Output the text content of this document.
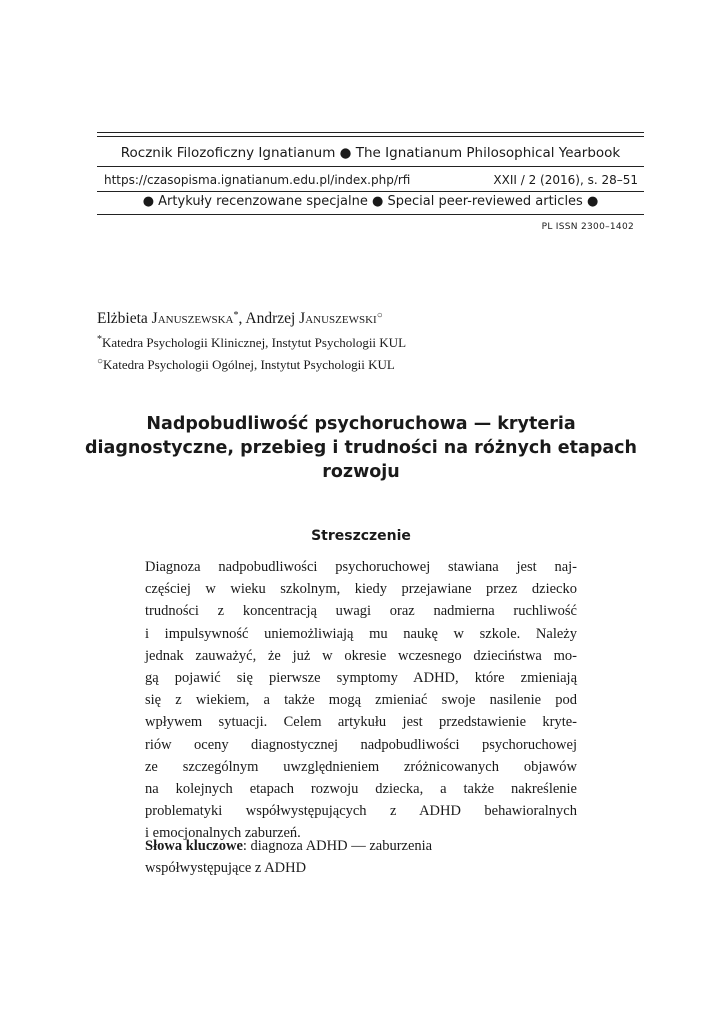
Rocznik Filozoficzny Ignatianum ● The Ignatianum Philosophical Yearbook
https://czasopisma.ignatianum.edu.pl/index.php/rfi	XXII / 2 (2016), s. 28–51
● Artykuły recenzowane specjalne ● Special peer-reviewed articles ●
PL ISSN 2300–1402
Elżbieta Januszewska*, Andrzej Januszewski○
*Katedra Psychologii Klinicznej, Instytut Psychologii KUL
○Katedra Psychologii Ogólnej, Instytut Psychologii KUL
Nadpobudliwość psychoruchowa — kryteria
diagnostyczne, przebieg i trudności na różnych etapach
rozwoju
Streszczenie
Diagnoza nadpobudliwości psychoruchowej stawiana jest naj-
częściej w wieku szkolnym, kiedy przejawiane przez dziecko
trudności z koncentracją uwagi oraz nadmierna ruchliwość
i impulsywność uniemożliwiają mu naukę w szkole. Należy
jednak zauważyć, że już w okresie wczesnego dzieciństwa mo-
gą pojawić się pierwsze symptomy ADHD, które zmieniają
się z wiekiem, a także mogą zmieniać swoje nasilenie pod
wpływem sytuacji. Celem artykułu jest przedstawienie kryte-
riów oceny diagnostycznej nadpobudliwości psychoruchowej
ze szczególnym uwzględnieniem zróżnicowanych objawów
na kolejnych etapach rozwoju dziecka, a także nakreślenie
problematyki współwystępujących z ADHD behawioralnych
i emocjonalnych zaburzeń.
Słowa kluczowe: diagnoza ADHD — zaburzenia
współwystępujące z ADHD
